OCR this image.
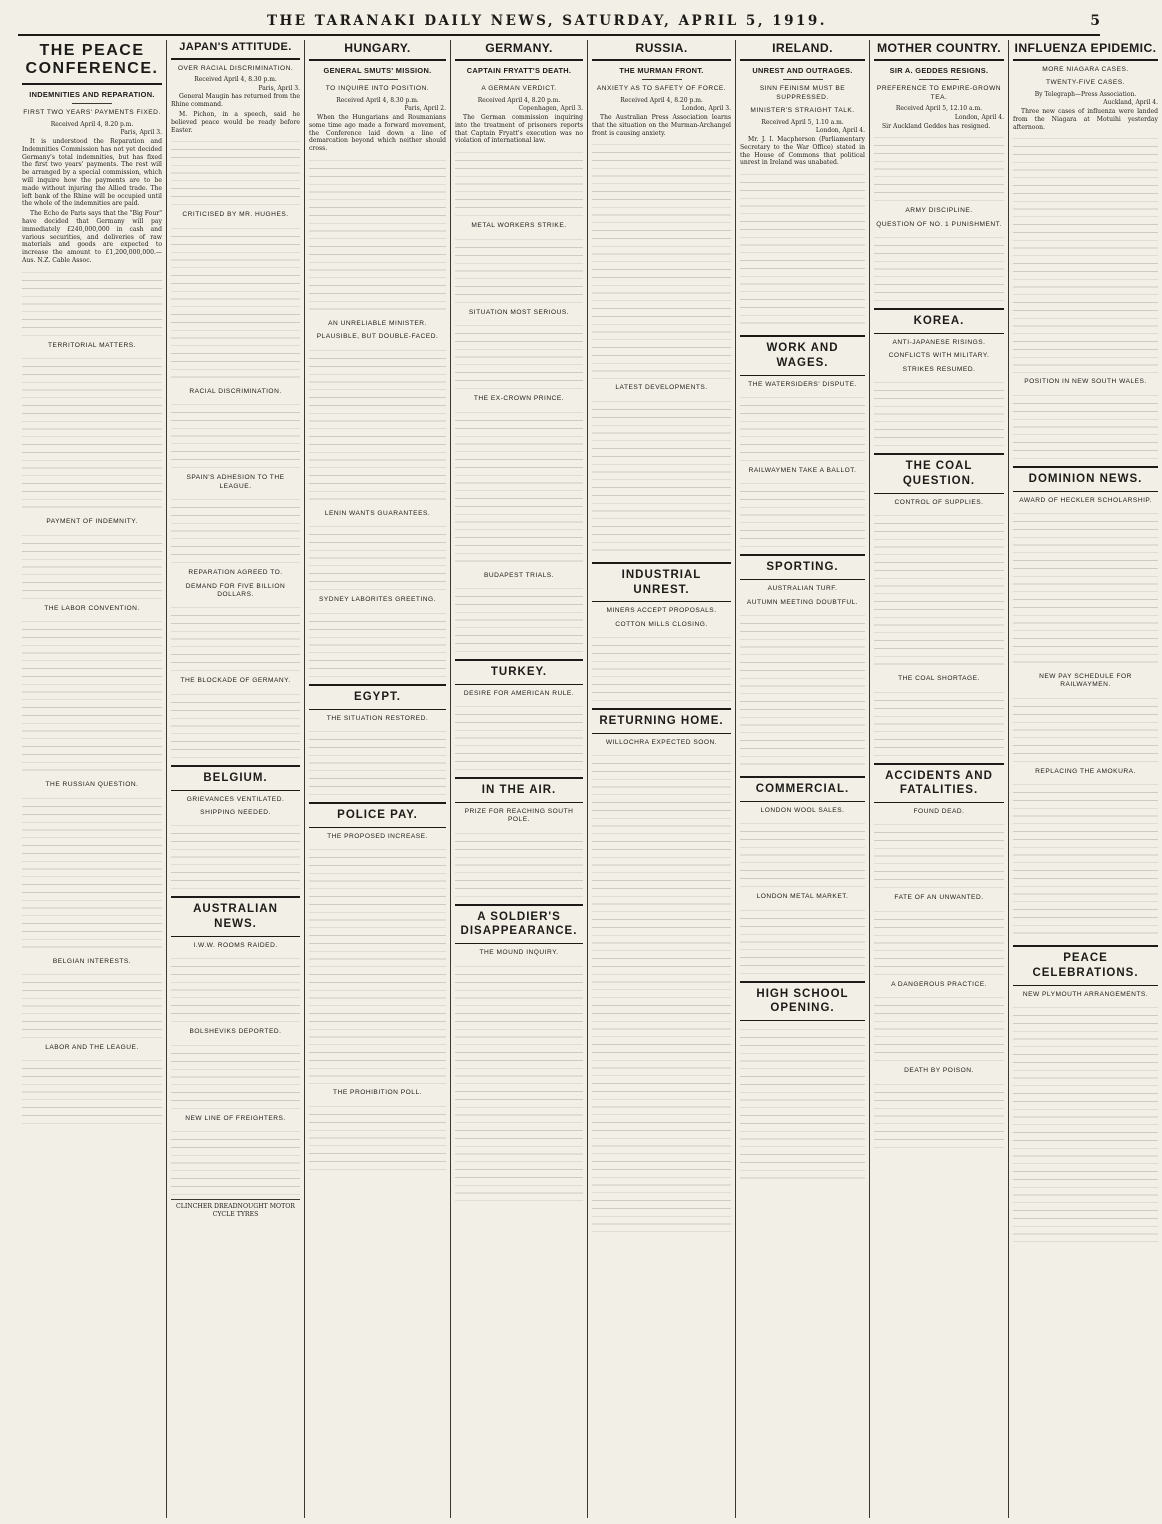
THE TARANAKI DAILY NEWS, SATURDAY, APRIL 5, 1919.	5
THE PEACE CONFERENCE.
INDEMNITIES AND REPARATION.
FIRST TWO YEARS' PAYMENTS FIXED.
Received April 4, 8.20 p.m.
Paris, April 3.

It is understood the Reparation and Indemnities Commission has not yet decided Germany's total indemnities, but has fixed the first two years' payments. The rest will be arranged by a special commission, which will inquire how the payments are to be made without injuring the Allied trade. The left bank of the Rhine will be occupied until the whole of the indemnities are paid.

The Echo de Paris says that the "Big Four" have decided that Germany will pay immediately £240,000,000 in cash and various securities, and deliveries of raw materials and goods are expected to increase the amount to £1,200,000,000.—Aus. N.Z. Cable Assoc.

TERRITORIAL MATTERS.
PAYMENT OF INDEMNITY.
THE LABOR CONVENTION.
THE RUSSIAN QUESTION.
BELGIAN INTERESTS.
LABOR AND THE LEAGUE.
JAPAN'S ATTITUDE.
OVER RACIAL DISCRIMINATION.
Received April 4, 8.30 p.m.
Paris, April 3.

General Maugin has returned from the Rhine command.

M. Pichon, in a speech, said he believed peace would be ready before Easter.

CRITICISED BY MR. HUGHES.
RACIAL DISCRIMINATION.
SPAIN'S ADHESION TO THE LEAGUE.
REPARATION AGREED TO.
DEMAND FOR FIVE BILLION DOLLARS.
THE BLOCKADE OF GERMANY.
BELGIUM.
GRIEVANCES VENTILATED.
SHIPPING NEEDED.
AUSTRALIAN NEWS.
I.W.W. ROOMS RAIDED.
BOLSHEVIKS DEPORTED.
NEW LINE OF FREIGHTERS.
CLINCHER DREADNOUGHT MOTOR CYCLE TYRES
HUNGARY.
GENERAL SMUTS' MISSION.
TO INQUIRE INTO POSITION.
Received April 4, 8.30 p.m.
Paris, April 2.

When the Hungarians and Roumanians some time ago made a forward movement, the Conference laid down a line of demarcation beyond which neither should cross.

AN UNRELIABLE MINISTER.
PLAUSIBLE, BUT DOUBLE-FACED.
LENIN WANTS GUARANTEES.
SYDNEY LABORITES GREETING.
EGYPT.
THE SITUATION RESTORED.
POLICE PAY.
THE PROPOSED INCREASE.
THE PROHIBITION POLL.
GERMANY.
CAPTAIN FRYATT'S DEATH.
A GERMAN VERDICT.
Received April 4, 8.20 p.m.
Copenhagen, April 3.

The German commission inquiring into the treatment of prisoners reports that Captain Fryatt's execution was no violation of international law.

METAL WORKERS STRIKE.
SITUATION MOST SERIOUS.
THE EX-CROWN PRINCE.
BUDAPEST TRIALS.
TURKEY.
DESIRE FOR AMERICAN RULE.
IN THE AIR.
PRIZE FOR REACHING SOUTH POLE.
A SOLDIER'S DISAPPEARANCE.
THE MOUND INQUIRY.
RUSSIA.
THE MURMAN FRONT.
ANXIETY AS TO SAFETY OF FORCE.
Received April 4, 8.20 p.m.
London, April 3.

The Australian Press Association learns that the situation on the Murman-Archangel front is causing anxiety.

LATEST DEVELOPMENTS.
INDUSTRIAL UNREST.
MINERS ACCEPT PROPOSALS.
COTTON MILLS CLOSING.
RETURNING HOME.
WILLOCHRA EXPECTED SOON.
IRELAND.
UNREST AND OUTRAGES.
SINN FEINISM MUST BE SUPPRESSED.
MINISTER'S STRAIGHT TALK.
Received April 5, 1.10 a.m.
London, April 4.

Mr. J. I. Macpherson (Parliamentary Secretary to the War Office) stated in the House of Commons that political unrest in Ireland was unabated.

WORK AND WAGES.
THE WATERSIDERS' DISPUTE.
RAILWAYMEN TAKE A BALLOT.
SPORTING.
AUSTRALIAN TURF.
AUTUMN MEETING DOUBTFUL.
COMMERCIAL.
LONDON WOOL SALES.
LONDON METAL MARKET.
HIGH SCHOOL OPENING.
MOTHER COUNTRY.
SIR A. GEDDES RESIGNS.
PREFERENCE TO EMPIRE-GROWN TEA.
Received April 5, 12.10 a.m.
London, April 4.

Sir Auckland Geddes has resigned.

ARMY DISCIPLINE.
QUESTION OF NO. 1 PUNISHMENT.
KOREA.
ANTI-JAPANESE RISINGS.
CONFLICTS WITH MILITARY.
STRIKES RESUMED.
THE COAL QUESTION.
CONTROL OF SUPPLIES.
THE COAL SHORTAGE.
ACCIDENTS AND FATALITIES.
FOUND DEAD.
FATE OF AN UNWANTED.
A DANGEROUS PRACTICE.
DEATH BY POISON.
INFLUENZA EPIDEMIC.
MORE NIAGARA CASES.
TWENTY-FIVE CASES.
By Telegraph—Press Association.
Auckland, April 4.

Three new cases of influenza were landed from the Niagara at Motuihi yesterday afternoon.

POSITION IN NEW SOUTH WALES.
DOMINION NEWS.
AWARD OF HECKLER SCHOLARSHIP.
NEW PAY SCHEDULE FOR RAILWAYMEN.
REPLACING THE AMOKURA.
PEACE CELEBRATIONS.
NEW PLYMOUTH ARRANGEMENTS.
